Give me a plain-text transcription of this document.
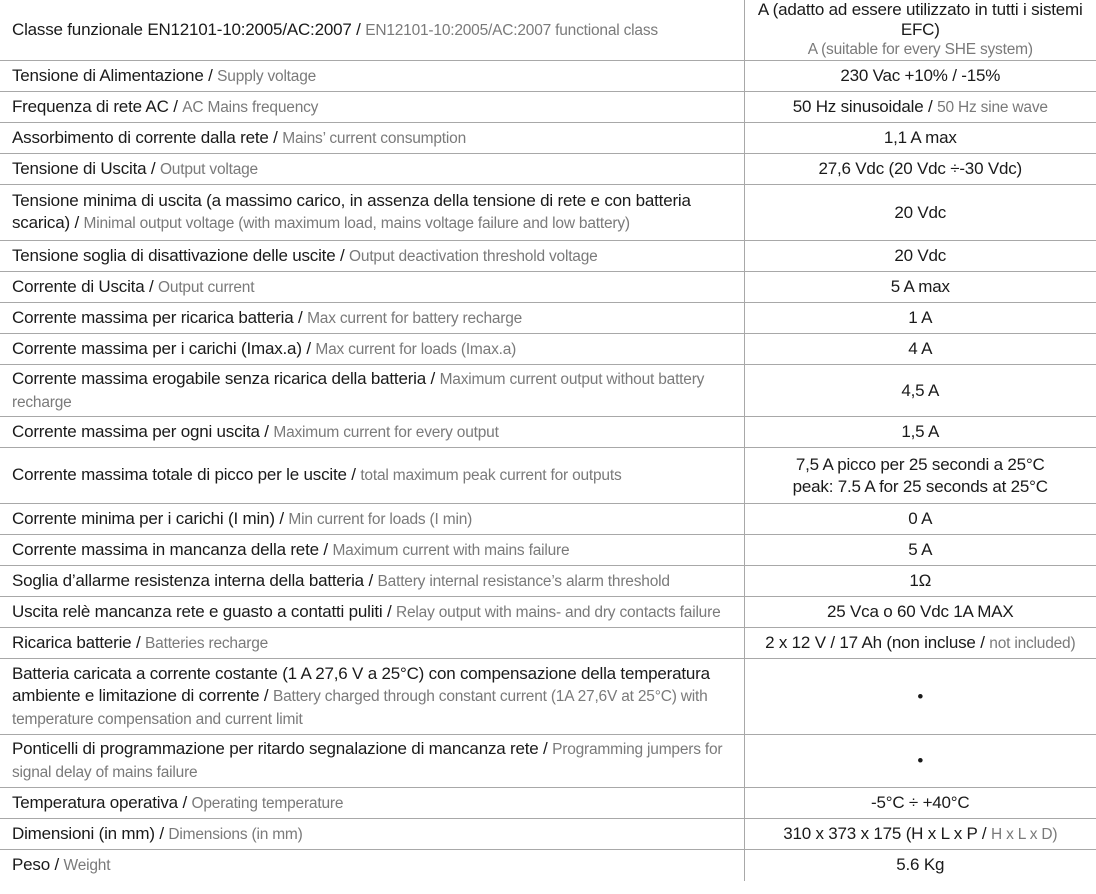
Classe funzionale EN12101-10:2005/AC:2007 / EN12101-10:2005/AC:2007 functional class	A (adatto ad essere utilizzato in tutti i sistemi EFC)
A (suitable for every SHE system)

Tensione di Alimentazione / Supply voltage	230 Vac +10% / -15%
Frequenza di rete AC / AC Mains frequency	50 Hz sinusoidale / 50 Hz sine wave
Assorbimento di corrente dalla rete / Mains’ current consumption	1,1 A max
Tensione di Uscita / Output voltage	27,6 Vdc (20 Vdc ÷-30 Vdc)
Tensione minima di uscita (a massimo carico, in assenza della tensione di rete e con batteria scarica) / Minimal output voltage (with maximum load, mains voltage failure and low battery)	20 Vdc
Tensione soglia di disattivazione delle uscite / Output deactivation threshold voltage	20 Vdc
Corrente di Uscita / Output current	5 A max
Corrente massima per ricarica batteria / Max current for battery recharge	1 A
Corrente massima per i carichi (Imax.a) / Max current for loads (Imax.a)	4 A
Corrente massima erogabile senza ricarica della batteria / Maximum current output without battery recharge	4,5 A
Corrente massima per ogni uscita / Maximum current for every output	1,5 A
Corrente massima totale di picco per le uscite / total maximum peak current for outputs	7,5 A picco per 25 secondi a 25°C
peak: 7.5 A for 25 seconds at 25°C

Corrente minima per i carichi (I min) / Min current for loads (I min)	0 A
Corrente massima in mancanza della rete / Maximum current with mains failure	5 A
Soglia d’allarme resistenza interna della batteria / Battery internal resistance’s alarm threshold	1Ω
Uscita relè mancanza rete e guasto a contatti puliti / Relay output with mains- and dry contacts failure	25 Vca o 60 Vdc 1A MAX
Ricarica batterie / Batteries recharge	2 x 12 V / 17 Ah (non incluse / not included)
Batteria caricata a corrente costante (1 A 27,6 V a 25°C) con compensazione della temperatura ambiente e limitazione di corrente / Battery charged through constant current (1A 27,6V at 25°C) with temperature compensation and current limit	•
Ponticelli di programmazione per ritardo segnalazione di mancanza rete / Programming jumpers for signal delay of mains failure	•
Temperatura operativa / Operating temperature	-5°C ÷ +40°C
Dimensioni (in mm) / Dimensions (in mm)	310 x 373 x 175 (H x L x P / H x L x D)
Peso / Weight	5.6 Kg
